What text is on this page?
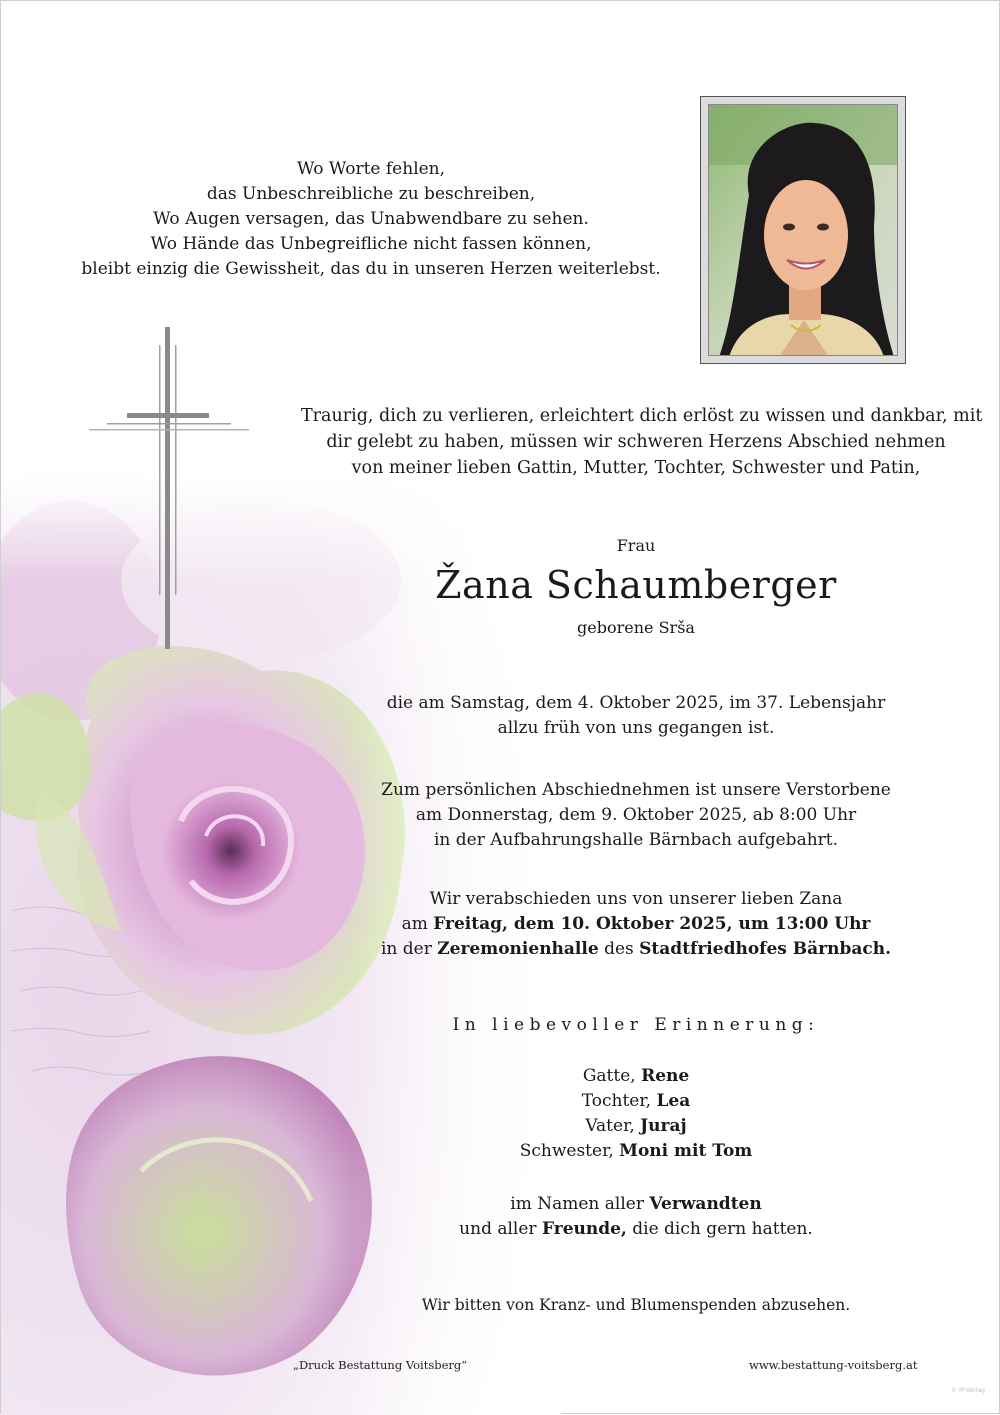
Wo Worte fehlen,
das Unbeschreibliche zu beschreiben,
Wo Augen versagen, das Unabwendbare zu sehen.
Wo Hände das Unbegreifliche nicht fassen können,
bleibt einzig die Gewissheit, das du in unseren Herzen weiterlebst.
Traurig, dich zu verlieren, erleichtert dich erlöst zu wissen und dankbar, mit
dir gelebt zu haben, müssen wir schweren Herzens Abschied nehmen
von meiner lieben Gattin, Mutter, Tochter, Schwester und Patin,
Frau
Žana Schaumberger
geborene Srša
die am Samstag, dem 4. Oktober 2025, im 37. Lebensjahr
allzu früh von uns gegangen ist.
Zum persönlichen Abschiednehmen ist unsere Verstorbene
am Donnerstag, dem 9. Oktober 2025, ab 8:00 Uhr
in der Aufbahrungshalle Bärnbach aufgebahrt.
Wir verabschieden uns von unserer lieben Zana
am Freitag, dem 10. Oktober 2025, um 13:00 Uhr
in der Zeremonienhalle des Stadtfriedhofes Bärnbach.
In liebevoller Erinnerung:
Gatte, Rene
Tochter, Lea
Vater, Juraj
Schwester, Moni mit Tom
im Namen aller Verwandten
und aller Freunde, die dich gern hatten.
Wir bitten von Kranz- und Blumenspenden abzusehen.
„Druck Bestattung Voitsberg“	www.bestattung-voitsberg.at
© IP-Verlag
